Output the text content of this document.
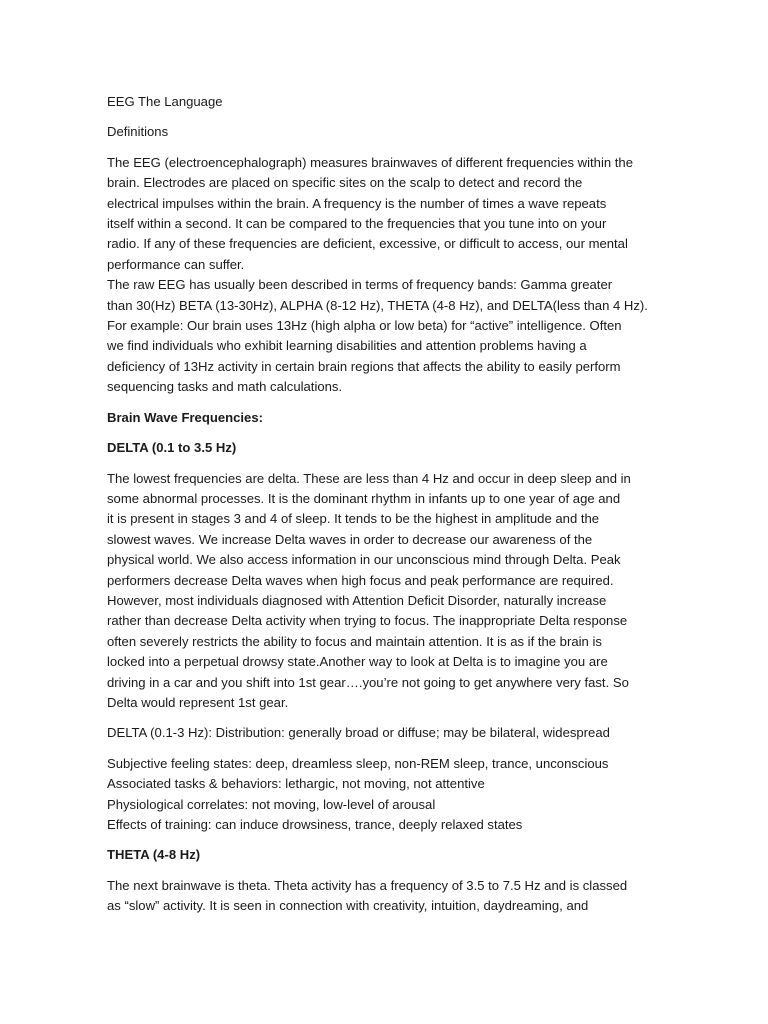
EEG The Language
Definitions
The EEG (electroencephalograph) measures brainwaves of different frequencies within the
brain. Electrodes are placed on specific sites on the scalp to detect and record the
electrical impulses within the brain. A frequency is the number of times a wave repeats
itself within a second. It can be compared to the frequencies that you tune into on your
radio. If any of these frequencies are deficient, excessive, or difficult to access, our mental
performance can suffer.
The raw EEG has usually been described in terms of frequency bands: Gamma greater
than 30(Hz) BETA (13-30Hz), ALPHA (8-12 Hz), THETA (4-8 Hz), and DELTA(less than 4 Hz).
For example: Our brain uses 13Hz (high alpha or low beta) for “active” intelligence. Often
we find individuals who exhibit learning disabilities and attention problems having a
deficiency of 13Hz activity in certain brain regions that affects the ability to easily perform
sequencing tasks and math calculations.
Brain Wave Frequencies:
DELTA (0.1 to 3.5 Hz)
The lowest frequencies are delta. These are less than 4 Hz and occur in deep sleep and in
some abnormal processes. It is the dominant rhythm in infants up to one year of age and
it is present in stages 3 and 4 of sleep. It tends to be the highest in amplitude and the
slowest waves. We increase Delta waves in order to decrease our awareness of the
physical world. We also access information in our unconscious mind through Delta. Peak
performers decrease Delta waves when high focus and peak performance are required.
However, most individuals diagnosed with Attention Deficit Disorder, naturally increase
rather than decrease Delta activity when trying to focus. The inappropriate Delta response
often severely restricts the ability to focus and maintain attention. It is as if the brain is
locked into a perpetual drowsy state.Another way to look at Delta is to imagine you are
driving in a car and you shift into 1st gear….you’re not going to get anywhere very fast. So
Delta would represent 1st gear.
DELTA (0.1-3 Hz): Distribution: generally broad or diffuse; may be bilateral, widespread
Subjective feeling states: deep, dreamless sleep, non-REM sleep, trance, unconscious
Associated tasks & behaviors: lethargic, not moving, not attentive
Physiological correlates: not moving, low-level of arousal
Effects of training: can induce drowsiness, trance, deeply relaxed states
THETA (4-8 Hz)
The next brainwave is theta. Theta activity has a frequency of 3.5 to 7.5 Hz and is classed
as “slow” activity. It is seen in connection with creativity, intuition, daydreaming, and
